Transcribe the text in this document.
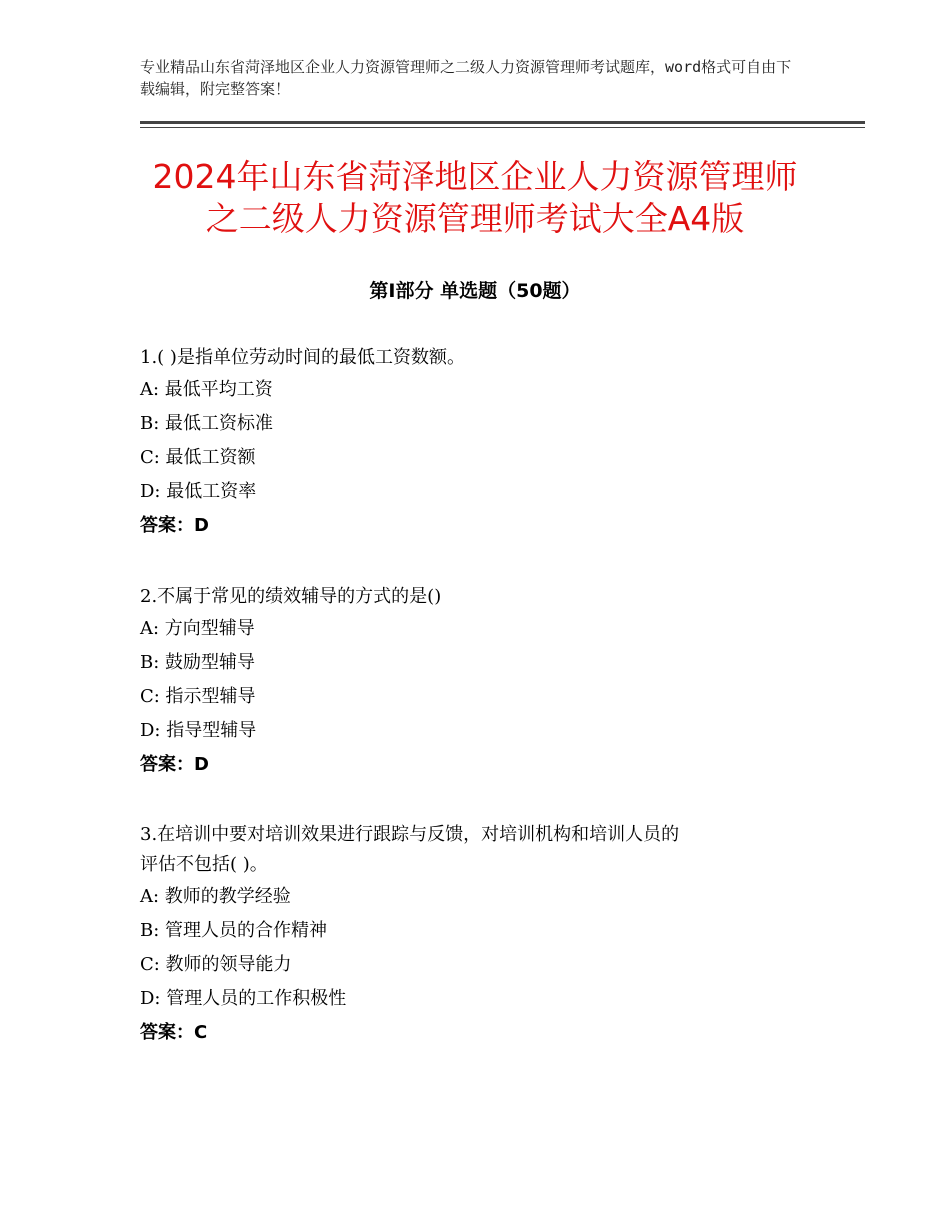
专业精品山东省菏泽地区企业人力资源管理师之二级人力资源管理师考试题库，word格式可自由下载编辑，附完整答案！
2024年山东省菏泽地区企业人力资源管理师
之二级人力资源管理师考试大全A4版
第Ⅰ部分 单选题（50题）

1.( )是指单位劳动时间的最低工资数额。

A: 最低平均工资

B: 最低工资标准

C: 最低工资额

D: 最低工资率

答案：D

2.不属于常见的绩效辅导的方式的是()

A: 方向型辅导

B: 鼓励型辅导

C: 指示型辅导

D: 指导型辅导

答案：D

3.在培训中要对培训效果进行跟踪与反馈，对培训机构和培训人员的

评估不包括( )。

A: 教师的教学经验

B: 管理人员的合作精神

C: 教师的领导能力

D: 管理人员的工作积极性

答案：C
